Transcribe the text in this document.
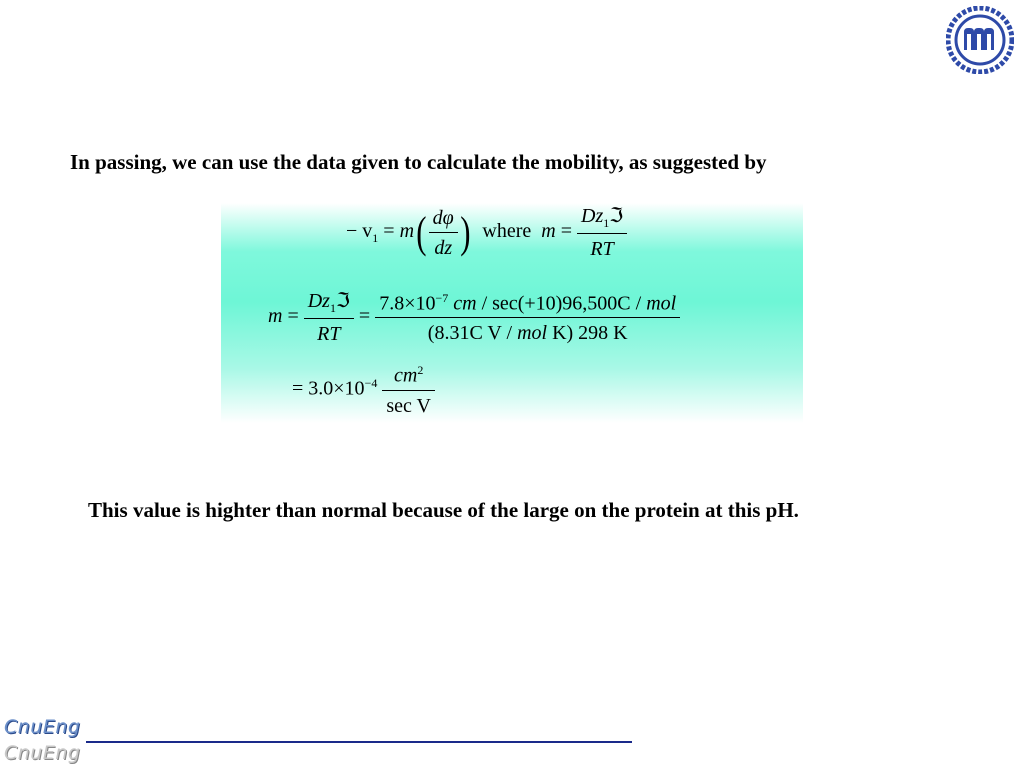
In passing, we can use the data given to calculate the mobility, as suggested by
− $v_1 = m( \frac{d\varphi}{dz}$ ) where $m = \frac{Dz_1ℑ}{RT}$
$m = \frac{Dz_1ℑ}{RT} = \frac{7.8\times 10^{-7} cm / \sec(+10)96,500C / mol}{\text{(8.31C V / mol K) 298 K}}$
= $3.0\times 10^{-4} \frac{cm^2}{\text{sec V}}$
This value is highter than normal because of the large on the protein at this pH.
CnuEng
CnuEng
